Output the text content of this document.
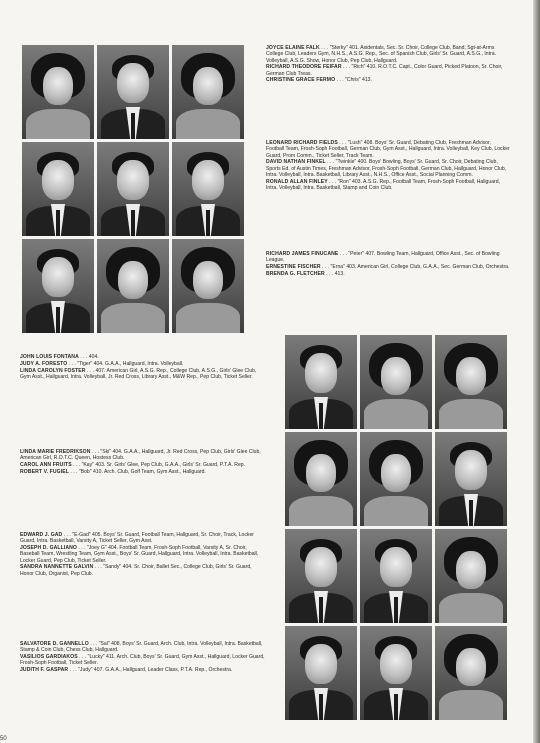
JOYCE ELAINE FALK . . . "Sterky" 401. Axidentals, Sec. Sr. Choir, College Club, Band, Sgt-at-Arms College Club, Leaders Gym, N.H.S., A.S.G. Rep., Sec. of Spanish Club, Girls' Sr. Guard, A.S.G., Intra. Volleyball, A.S.G. Show, Honor Club, Pep Club, Hallguard.
RICHARD THEODORE FEIFAR . . . "Rich" 410. R.O.T.C. Capt., Color Guard, Picked Platoon, Sr. Choir, German Club Treas.
CHRISTINE GRACE FERMO . . . "Chris" 413.
LEONARD RICHARD FIELDS . . . "Lush" 408. Boys' Sr. Guard, Debating Club, Freshman Advisor, Football Team, Frosh-Soph Football, German Club, Gym Asst., Hallguard, Intra. Volleyball, Key Club, Locker Guard, Prom Comm., Ticket Seller, Track Team.
DAVID NATHAN FINKEL . . . "Twinkle" 400. Boys' Bowling, Boys' Sr. Guard, Sr. Choir, Debating Club, Sports Ed. of Austin Times, Freshman Advisor, Frosh-Soph Football, German Club, Hallguard, Honor Club, Intra. Volleyball, Intra. Basketball, Library Asst., N.H.S., Office Asst., Social Planning Comm.
RONALD ALLAN FINLEY . . . "Ron" 403. A.S.G. Rep., Football Team, Frosh-Soph Football, Hallguard, Intra. Volleyball, Intra. Basketball, Stamp and Coin Club.
RICHARD JAMES FINUCANE . . . "Peter" 407. Bowling Team, Hallguard, Office Asst., Sec. of Bowling League.
ERNESTINE FISCHER . . . "Erna" 403. American Girl, College Club, G.A.A., Sec. German Club, Orchestra.
BRENDA G. FLETCHER . . . 413.
JOHN LOUIS FONTANA . . . 404.
JUDY A. FORESTO . . . "Tiger" 404. G.A.A., Hallguard, Intra. Volleyball.
LINDA CAROLYN FOSTER . . . 407. American Girl, A.S.G. Rep., College Club, A.S.G., Girls' Glee Club, Gym Asst., Hallguard, Intra. Volleyball, Jr. Red Cross, Library Asst., M&W Rep., Pep Club, Ticket Seller.
LINDA MARIE FREDRIKSON . . . "Ski" 404. G.A.A., Hallguard, Jr. Red Cross, Pep Club, Girls' Glee Club, American Girl, R.O.T.C. Queen, Hostess Club.
CAROL ANN FRUITS . . . "Kay" 403. Sr. Girls' Glee, Pep Club, G.A.A., Girls' Sr. Guard, P.T.A. Rep.
ROBERT V. FUGIEL . . . "Bob" 410. Arch. Club, Golf Team, Gym Asst., Hallguard.
EDWARD J. GAD . . . "E-Gad" 405. Boys' Sr. Guard, Football Team, Hallguard, Sr. Choir, Track, Locker Guard, Intra. Basketball, Varsity A, Ticket Seller, Gym Asst.
JOSEPH D. GALLIANO . . . "Joey G" 404. Football Team, Frosh-Soph Football, Varsity A, Sr. Choir, Baseball Team, Wrestling Team, Gym Asst., Boys' Sr. Guard, Hallguard, Intra. Volleyball, Intra. Basketball, Locker Guard, Pep Club, Ticket Seller.
SANDRA NANNETTE GALVIN . . . "Sandy" 404. Sr. Choir, Ballet Sec., College Club, Girls' Sr. Guard, Honor Club, Organist, Pep Club.
SALVATORE D. GANNELLO . . . "Sal" 408. Boys' Sr. Guard, Arch. Club, Intra. Volleyball, Intra. Basketball, Stamp & Coin Club, Chess Club, Hallguard.
VASILIOS GARDIAKOS . . . "Lucky" 411. Arch. Club, Boys' Sr. Guard, Gym Asst., Hallguard, Locker Guard, Frosh-Soph Football, Ticket Seller.
JUDITH F. GASPAR . . . "Judy" 407. G.A.A., Hallguard, Leader Class, P.T.A. Rep., Orchestra.
50
